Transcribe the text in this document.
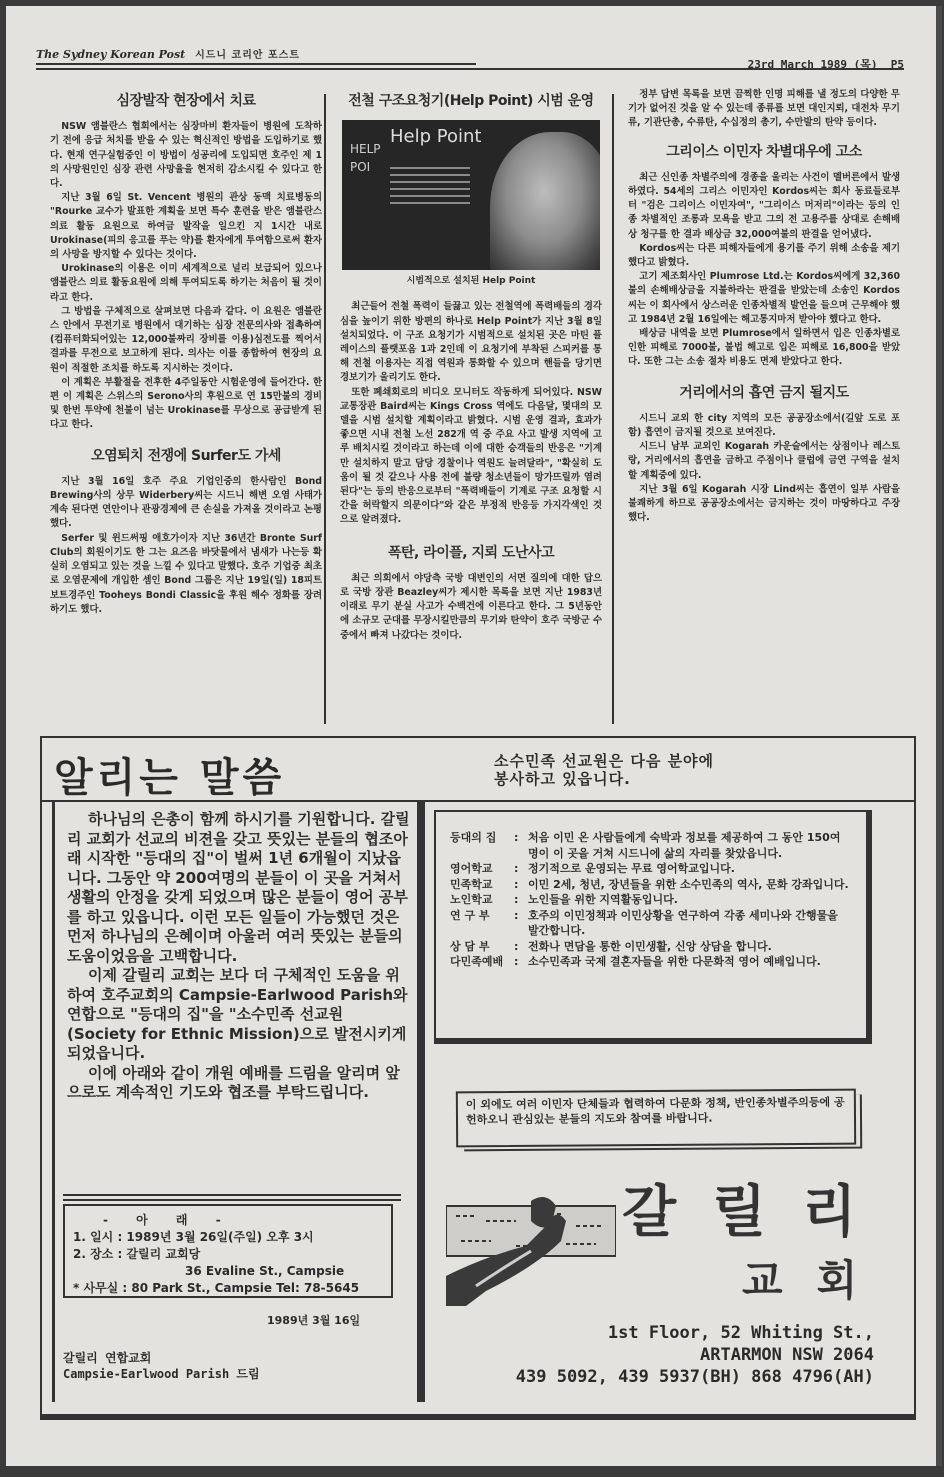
The Sydney Korean Post 시드니 코리안 포스트
23rd March 1989 (목) P5
심장발작 현장에서 치료

NSW 앰블란스 협회에서는 심장마비 환자들이 병원에 도착하기 전에 응급 처치를 받을 수 있는 혁신적인 방법을 도입하기로 했다. 현재 연구실험중인 이 방법이 성공리에 도입되면 호주인 제 1의 사망원인인 심장 관련 사망율을 현저히 감소시킬 수 있다고 한다.

지난 3월 6일 St. Vencent 병원의 관상 동맥 치료병동의 "Rourke 교수가 발표한 계획을 보면 특수 훈련을 받은 앰블란스 의료 활동 요원으로 하여금 발작을 일으킨 지 1시간 내로 Urokinase(피의 응고를 푸는 약)를 환자에게 투여함으로써 환자의 사망을 방지할 수 있다는 것이다.

Urokinase의 이용은 이미 세계적으로 널리 보급되어 있으나 앰블란스 의료 활동요원에 의해 투여되도록 하기는 처음이 될 것이라고 한다.

그 방법을 구체적으로 살펴보면 다음과 같다. 이 요원은 앰블란스 안에서 무전기로 병원에서 대기하는 심장 전문의사와 접촉하여(컴퓨터화되어있는 12,000불짜리 장비를 이용)심전도를 찍어서 결과를 무전으로 보고하게 된다. 의사는 이를 종합하여 현장의 요원이 적절한 조치를 하도록 지시하는 것이다.

이 계획은 부활절을 전후한 4주일동안 시험운영에 들어간다. 한편 이 계획은 스위스의 Serono사의 후원으로 연 15만불의 경비 및 한번 투약에 천불이 넘는 Urokinase를 무상으로 공급받게 된다고 한다.

오염퇴치 전쟁에 Surfer도 가세

지난 3월 16일 호주 주요 기업인중의 한사람인 Bond Brewing사의 상무 Widerbery씨는 시드니 해변 오염 사태가 계속 된다면 연안이나 관광경제에 큰 손실을 가져올 것이라고 논평했다.

Serfer 및 윈드써핑 애호가이자 지난 36년간 Bronte Surf Club의 회원이기도 한 그는 요즈음 바닷물에서 냄새가 나는등 확실히 오염되고 있는 것을 느낄 수 있다고 말했다. 호주 기업중 최초로 오염문제에 개입한 셈인 Bond 그룹은 지난 19일(일) 18피트 보트경주인 Tooheys Bondi Classic을 후원 해수 정화를 장려하기도 했다.

전철 구조요청기(Help Point) 시범 운영
HELP POI
Help Point
시범적으로 설치된 Help Point

최근들어 전철 폭력이 들끓고 있는 전철역에 폭력배들의 경각심을 높이기 위한 방편의 하나로 Help Point가 지난 3월 8일 설치되었다. 이 구조 요청기가 시범적으로 설치된 곳은 마틴 플레이스의 플랫포옴 1과 2인데 이 요청기에 부착된 스피커를 통해 전철 이용자는 직접 역원과 통화할 수 있으며 핸들을 당기면 경보기가 울리기도 한다.

또한 폐쇄회로의 비디오 모니터도 작동하게 되어있다. NSW 교통장관 Baird씨는 Kings Cross 역에도 다음달, 몇대의 모델을 시범 설치할 계획이라고 밝혔다. 시범 운영 결과, 효과가 좋으면 시내 전철 노선 282개 역 중 주요 사고 발생 지역에 고루 배치시킬 것이라고 하는데 이에 대한 승객들의 반응은 "기계만 설치하지 말고 담당 경찰이나 역원도 늘려달라", "확실히 도움이 될 것 같으나 사용 전에 불량 청소년들이 망가뜨릴까 염려된다"는 등의 반응으로부터 "폭력배들이 기계로 구조 요청할 시간을 허락할지 의문이다"와 같은 부정적 반응등 가지각색인 것으로 알려졌다.

폭탄, 라이플, 지뢰 도난사고

최근 의회에서 야당측 국방 대변인의 서면 질의에 대한 답으로 국방 장관 Beazley씨가 제시한 목록을 보면 지난 1983년 이래로 무기 분실 사고가 수백건에 이른다고 한다. 그 5년동안에 소규모 군대를 무장시킬만큼의 무기와 탄약이 호주 국방군 수중에서 빠져 나갔다는 것이다.

정부 답변 목록을 보면 끔찍한 인명 피해를 낼 정도의 다양한 무기가 없어진 것을 알 수 있는데 종류를 보면 대인지뢰, 대전차 무기류, 기관단총, 수류탄, 수십정의 총기, 수만발의 탄약 등이다.

그리이스 이민자 차별대우에 고소

최근 신인종 차별주의에 경종을 울리는 사건이 멜버른에서 발생하였다. 54세의 그리스 이민자인 Kordos씨는 회사 동료들로부터 "검은 그리이스 이민자여", "그리이스 머저리"이라는 등의 인종 차별적인 조롱과 모욕을 받고 그의 전 고용주를 상대로 손해배상 청구를 한 결과 배상금 32,000여불의 판결을 얻어냈다.

Kordos씨는 다른 피해자들에게 용기를 주기 위해 소송을 제기했다고 밝혔다.

고기 제조회사인 Plumrose Ltd.는 Kordos씨에게 32,360불의 손해배상금을 지불하라는 판결을 받았는데 소송인 Kordos씨는 이 회사에서 상스러운 인종차별적 발언을 들으며 근무해야 했고 1984년 2월 16일에는 해고통지마저 받아야 했다고 한다.

배상금 내역을 보면 Plumrose에서 일하면서 입은 인종차별로 인한 피해로 7000불, 불법 해고로 입은 피해로 16,800을 받았다. 또한 그는 소송 절차 비용도 면제 받았다고 한다.

거리에서의 흡연 금지 될지도

시드니 교외 한 city 지역의 모든 공공장소에서(길앞 도로 포함) 흡연이 금지될 것으로 보여진다.

시드니 남부 교외인 Kogarah 카운슬에서는 상점이나 레스토랑, 거리에서의 흡연을 금하고 주점이나 클럽에 금연 구역을 설치할 계획중에 있다.

지난 3월 6일 Kogarah 시장 Lind씨는 흡연이 일부 사람을 불쾌하게 하므로 공공장소에서는 금지하는 것이 마땅하다고 주장했다.

알리는 말씀	소수민족 선교원은 다음 분야에
봉사하고 있읍니다.

하나님의 은총이 함께 하시기를 기원합니다. 갈릴리 교회가 선교의 비젼을 갖고 뜻있는 분들의 협조아래 시작한 "등대의 집"이 벌써 1년 6개월이 지났읍니다. 그동안 약 200여명의 분들이 이 곳을 거쳐서 생활의 안정을 갖게 되었으며 많은 분들이 영어 공부를 하고 있읍니다. 이런 모든 일들이 가능했던 것은 먼저 하나님의 은혜이며 아울러 여러 뜻있는 분들의 도움이었음을 고백합니다.

이제 갈릴리 교회는 보다 더 구체적인 도움을 위하여 호주교회의 Campsie-Earlwood Parish와 연합으로 "등대의 집"을 "소수민족 선교원(Society for Ethnic Mission)으로 발전시키게 되었읍니다.

이에 아래와 같이 개원 예배를 드림을 알리며 앞으로도 계속적인 기도와 협조를 부탁드립니다.

- 아 래 -
1. 일시 : 1989년 3월 26일(주일) 오후 3시
2. 장소 : 갈릴리 교회당
36 Evaline St., Campsie
* 사무실 : 80 Park St., Campsie Tel: 78-5645
1989년 3월 16일
갈릴리 연합교회
Campsie-Earlwood Parish 드림
등대의 집	: 처음 이민 온 사람들에게 숙박과 정보를 제공하여 그 동안 150여명이 이 곳을 거쳐 시드니에 삶의 자리를 찾았읍니다.
영어학교	: 정기적으로 운영되는 무료 영어학교입니다.
민족학교	: 이민 2세, 청년, 장년들을 위한 소수민족의 역사, 문화 강좌입니다.
노인학교	: 노인들을 위한 지역활동입니다.
연 구 부	: 호주의 이민정책과 이민상황을 연구하여 각종 세미나와 간행물을 발간합니다.
상 담 부	: 전화나 면담을 통한 이민생활, 신앙 상담을 합니다.
다민족예배 : 소수민족과 국제 결혼자들을 위한 다문화적 영어 예배입니다.
이 외에도 여러 이민자 단체들과 협력하여 다문화 정책, 반인종차별주의등에 공헌하오니 관심있는 분들의 지도와 참여를 바랍니다.
갈릴리
교회
1st Floor, 52 Whiting St.,
ARTARMON NSW 2064
439 5092, 439 5937(BH) 868 4796(AH)
